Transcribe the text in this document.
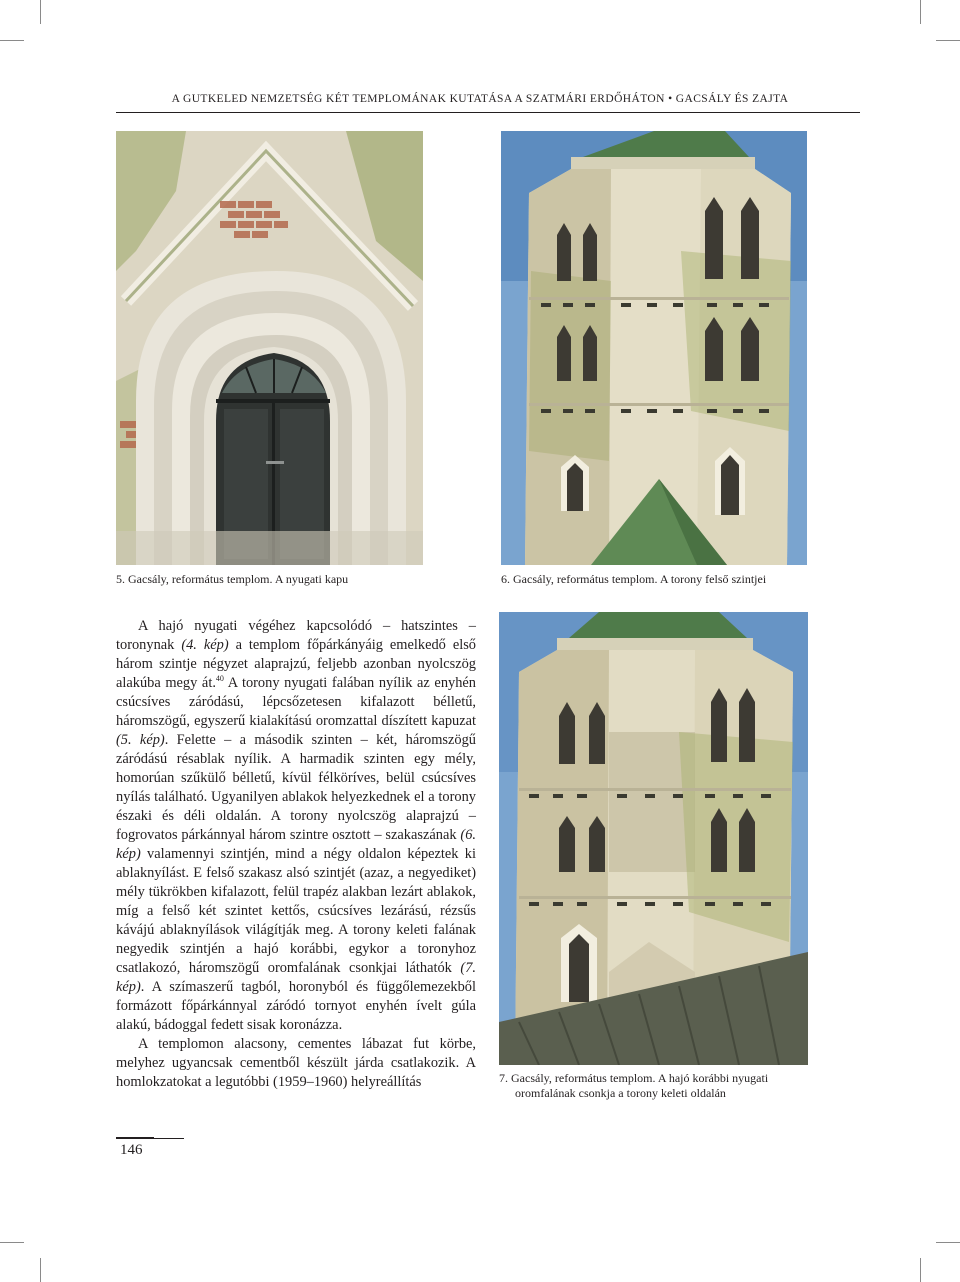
A GUTKELED NEMZETSÉG KÉT TEMPLOMÁNAK KUTATÁSA A SZATMÁRI ERDŐHÁTON • GACSÁLY ÉS ZAJTA
5. Gacsály, református templom. A nyugati kapu	6. Gacsály, református templom. A torony felső szintjei
7. Gacsály, református templom. A hajó korábbi nyugati
oromfalának csonkja a torony keleti oldalán

A hajó nyugati végéhez kapcsolódó – hatszintes – toronynak (4. kép) a templom főpárkányáig emelkedő első három szintje négyzet alaprajzú, feljebb azonban nyolcszög alakúba megy át.$^{40}$ A torony nyugati falában nyílik az enyhén csúcsíves záródású, lépcsőzetesen kifalazott bélletű, háromszögű, egyszerű kialakítású oromzattal díszített kapuzat (5. kép). Felette – a második szinten – két, háromszögű záródású résablak nyílik. A harmadik szinten egy mély, homorúan szűkülő bélletű, kívül félköríves, belül csúcsíves nyílás található. Ugyanilyen ablakok helyezkednek el a torony északi és déli oldalán. A torony nyolcszög alaprajzú – fogrovatos párkánnyal három szintre osztott – szakaszának (6. kép) valamennyi szintjén, mind a négy oldalon képeztek ki ablaknyílást. E felső szakasz alsó szintjét (azaz, a negyediket) mély tükrökben kifalazott, felül trapéz alakban lezárt ablakok, míg a felső két szintet kettős, csúcsíves lezárású, rézsűs kávájú ablaknyílások világítják meg. A torony keleti falának negyedik szintjén a hajó korábbi, egykor a toronyhoz csatlakozó, háromszögű oromfalának csonkjai láthatók (7. kép). A szímaszerű tagból, horonyból és függőlemezekből formázott főpárkánnyal záródó tornyot enyhén ívelt gúla alakú, bádoggal fedett sisak koronázza.

A templomon alacsony, cementes lábazat fut körbe, melyhez ugyancsak cementből készült járda csatlakozik. A homlokzatokat a legutóbbi (1959–1960) helyreállítás

146
